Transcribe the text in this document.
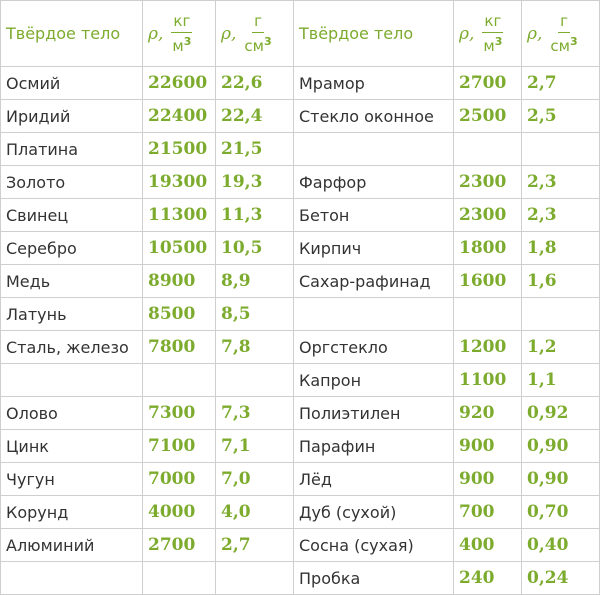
Твёрдое тело	ρ, $\frac{кг}{м^3}$	ρ, $\frac{г}{см^3}$	Твёрдое тело	ρ, $\frac{кг}{м^3}$	ρ, $\frac{г}{см^3}$

Осмий	22600	22,6	Мрамор	2700	2,7
Иридий	22400	22,4	Стекло оконное	2500	2,5
Платина	21500	21,5			
Золото	19300	19,3	Фарфор	2300	2,3
Свинец	11300	11,3	Бетон	2300	2,3
Серебро	10500	10,5	Кирпич	1800	1,8
Медь	8900	8,9	Сахар-рафинад	1600	1,6
Латунь	8500	8,5			
Сталь, железо	7800	7,8	Оргстекло	1200	1,2
			Капрон	1100	1,1
Олово	7300	7,3	Полиэтилен	920	0,92
Цинк	7100	7,1	Парафин	900	0,90
Чугун	7000	7,0	Лёд	900	0,90
Корунд	4000	4,0	Дуб (сухой)	700	0,70
Алюминий	2700	2,7	Сосна (сухая)	400	0,40
			Пробка	240	0,24
